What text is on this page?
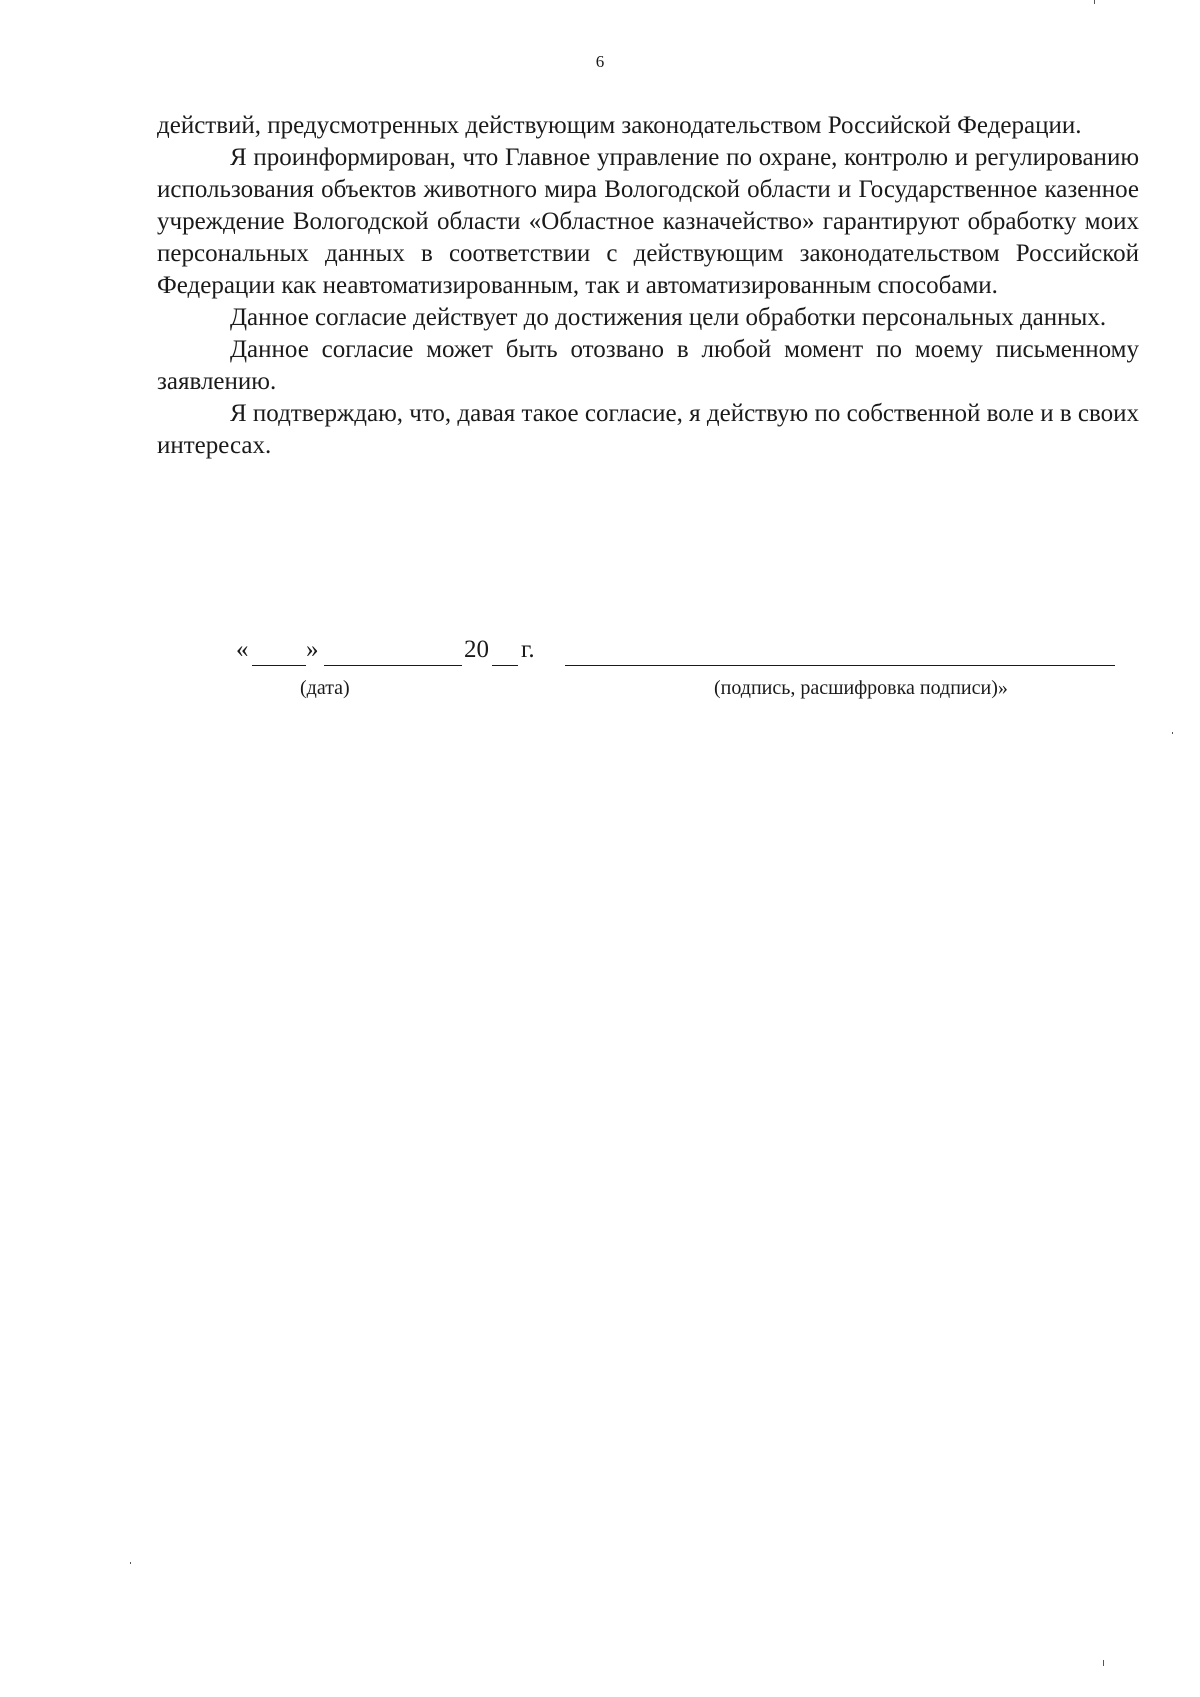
6

действий, предусмотренных действующим законодательством Российской Федерации.

Я проинформирован, что Главное управление по охране, контролю и регулированию использования объектов животного мира Вологодской области и Государственное казенное учреждение Вологодской области «Областное казначейство» гарантируют обработку моих персональных данных в соответствии с действующим законодательством Российской Федерации как неавтоматизированным, так и автоматизированным способами.

Данное согласие действует до достижения цели обработки персональных данных.

Данное согласие может быть отозвано в любой момент по моему письменному заявлению.

Я подтверждаю, что, давая такое согласие, я действую по собственной воле и в своих интересах.

« »	20 г.
(дата)	(подпись, расшифровка подписи)»
